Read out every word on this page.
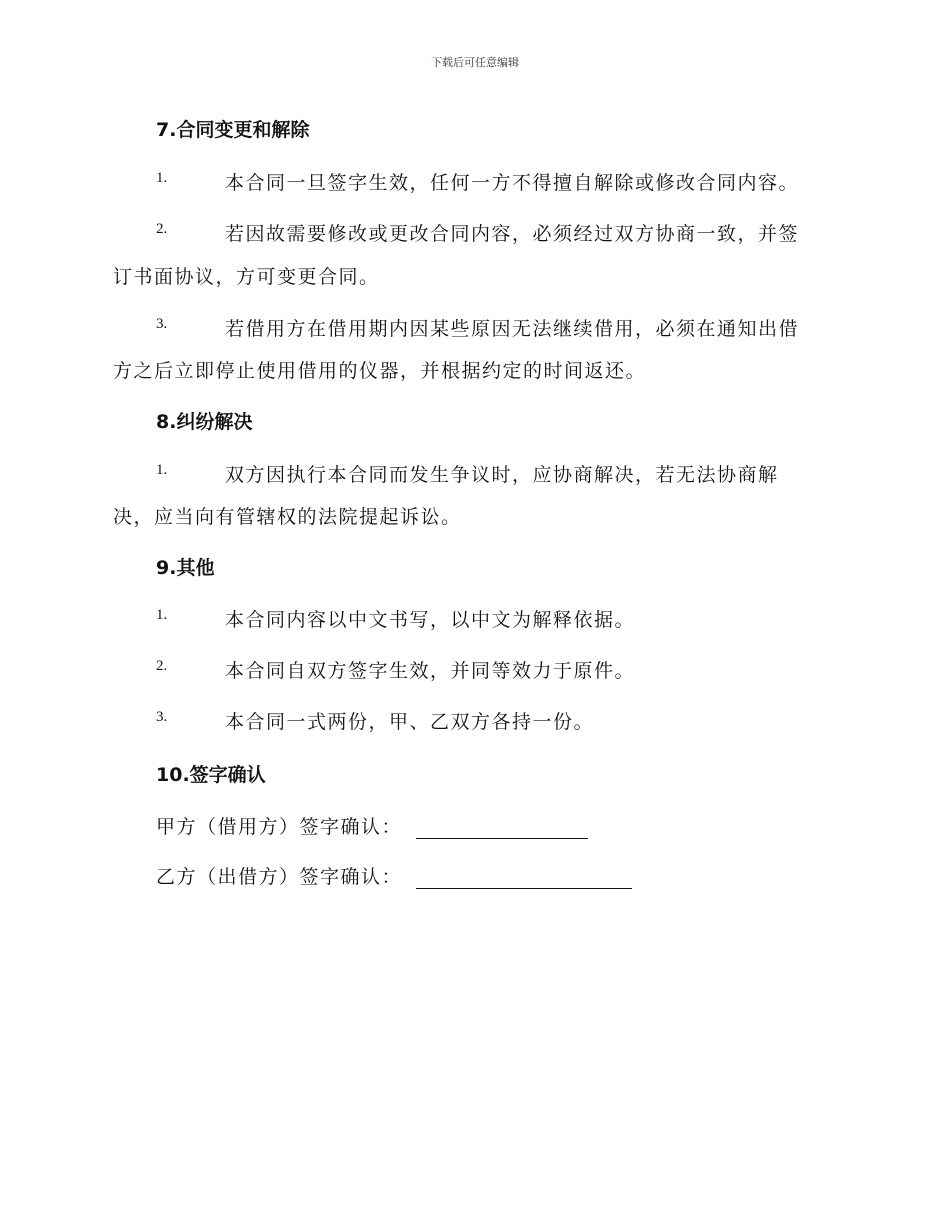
下载后可任意编辑
7.合同变更和解除
1.	本合同一旦签字生效，任何一方不得擅自解除或修改合同内容。
2.	若因故需要修改或更改合同内容，必须经过双方协商一致，并签
订书面协议，方可变更合同。
3.	若借用方在借用期内因某些原因无法继续借用，必须在通知出借
方之后立即停止使用借用的仪器，并根据约定的时间返还。
8.纠纷解决
1.	双方因执行本合同而发生争议时，应协商解决，若无法协商解
决，应当向有管辖权的法院提起诉讼。
9.其他
1.	本合同内容以中文书写，以中文为解释依据。
2.	本合同自双方签字生效，并同等效力于原件。
3.	本合同一式两份，甲、乙双方各持一份。
10.签字确认
甲方（借用方）签字确认：
乙方（出借方）签字确认：
